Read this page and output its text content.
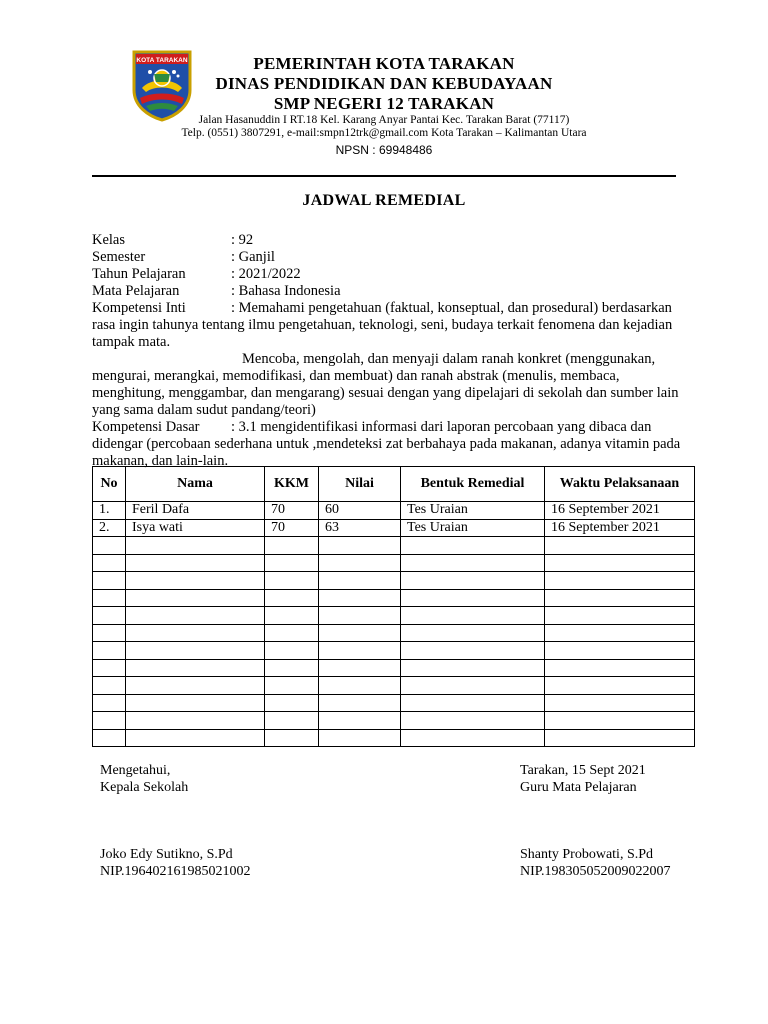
KOTA TARAKAN	PEMERINTAH KOTA TARAKAN
DINAS PENDIDIKAN DAN KEBUDAYAAN
SMP NEGERI 12 TARAKAN
Jalan Hasanuddin I RT.18 Kel. Karang Anyar Pantai Kec. Tarakan Barat (77117)
Telp. (0551) 3807291, e-mail:smpn12trk@gmail.com Kota Tarakan – Kalimantan Utara
NPSN : 69948486
JADWAL REMEDIAL
Kelas	: 92
Semester	: Ganjil
Tahun Pelajaran	: 2021/2022
Mata Pelajaran	: Bahasa Indonesia
Kompetensi Inti	: Memahami pengetahuan (faktual, konseptual, dan prosedural) berdasarkan rasa ingin tahunya tentang ilmu pengetahuan, teknologi, seni, budaya terkait fenomena dan kejadian tampak mata.
Mencoba, mengolah, dan menyaji dalam ranah konkret (menggunakan, mengurai, merangkai, memodifikasi, dan membuat) dan ranah abstrak (menulis, membaca, menghitung, menggambar, dan mengarang) sesuai dengan yang dipelajari di sekolah dan sumber lain yang sama dalam sudut pandang/teori)
Kompetensi Dasar : 3.1 mengidentifikasi informasi dari laporan percobaan yang dibaca dan didengar (percobaan sederhana untuk ,mendeteksi zat berbahaya pada makanan, adanya vitamin pada makanan, dan lain-lain.
No	Nama	KKM	Nilai	Bentuk Remedial	Waktu Pelaksanaan
1.	Feril Dafa	70	60	Tes Uraian	16 September 2021
2.	Isya wati	70	63	Tes Uraian	16 September 2021

Mengetahui,
Kepala Sekolah
Tarakan, 15 Sept 2021
Guru Mata Pelajaran
Joko Edy Sutikno, S.Pd
NIP.196402161985021002
Shanty Probowati, S.Pd
NIP.198305052009022007
